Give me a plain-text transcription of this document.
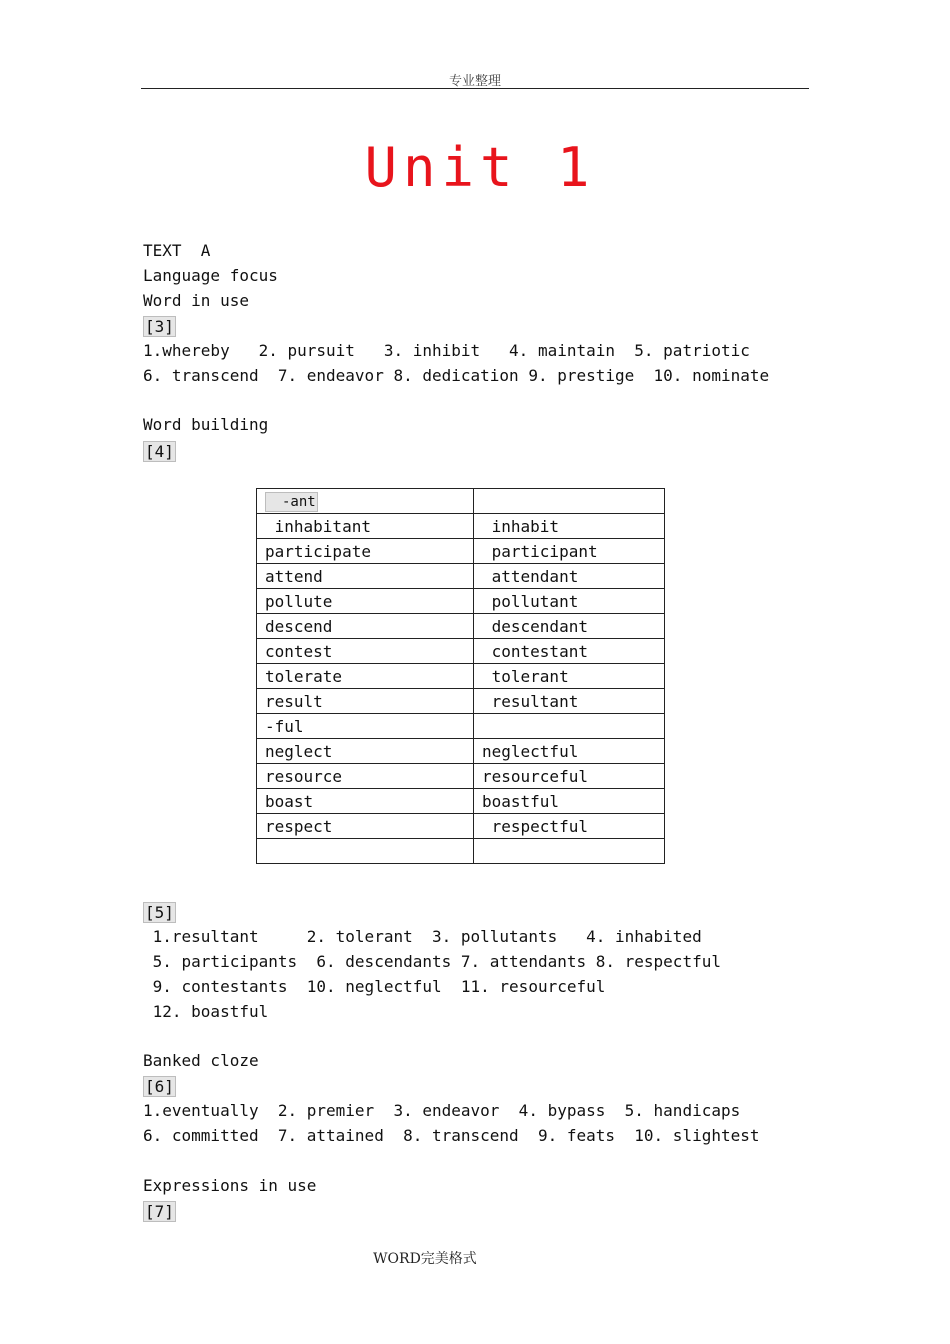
专业整理
Unit 1
TEXT  A
Language focus
Word in use
[3]
1.whereby   2. pursuit   3. inhibit   4. maintain  5. patriotic
6. transcend  7. endeavor 8. dedication 9. prestige  10. nominate
Word building
[4]
-ant	
inhabitant	inhabit
participate	participant
attend	attendant
pollute	pollutant
descend	descendant
contest	contestant
tolerate	tolerant
result	resultant
-ful	
neglect	neglectful
resource	resourceful
boast	boastful
respect	respectful

[5]
1.resultant     2. tolerant  3. pollutants   4. inhabited
5. participants  6. descendants 7. attendants 8. respectful
9. contestants  10. neglectful  11. resourceful
12. boastful
Banked cloze
[6]
1.eventually  2. premier  3. endeavor  4. bypass  5. handicaps
6. committed  7. attained  8. transcend  9. feats  10. slightest
Expressions in use
[7]
WORD完美格式
